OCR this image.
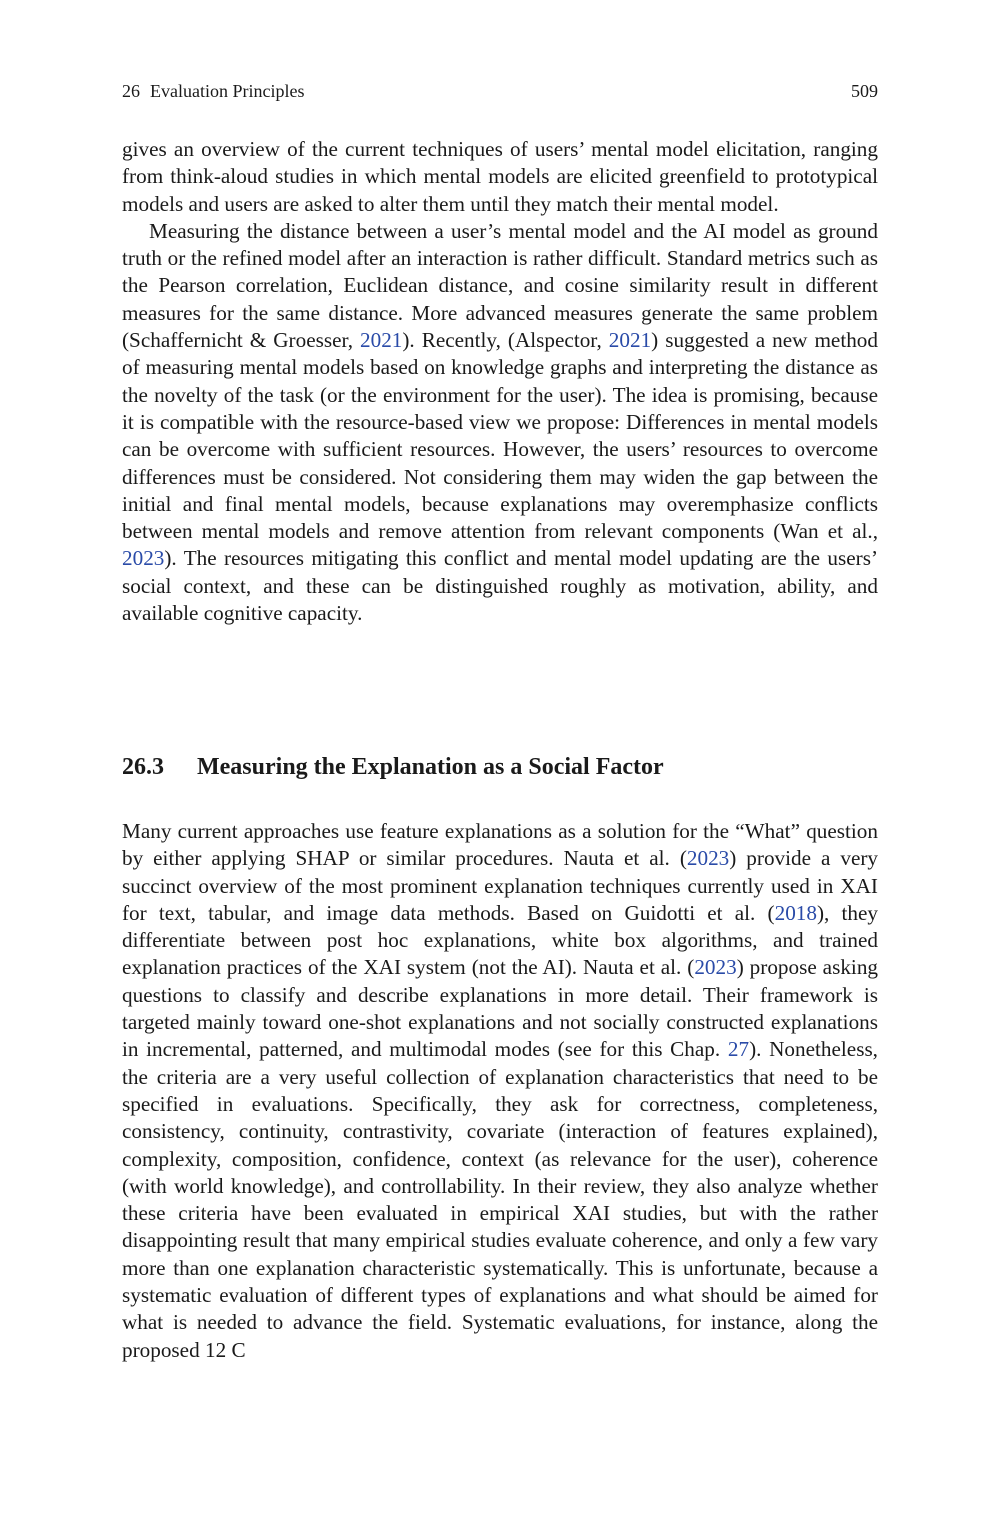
26 Evaluation Principles	509

gives an overview of the current techniques of users’ mental model elicitation, ranging from think-aloud studies in which mental models are elicited greenfield to prototypical models and users are asked to alter them until they match their mental model.

Measuring the distance between a user’s mental model and the AI model as ground truth or the refined model after an interaction is rather difficult. Standard metrics such as the Pearson correlation, Euclidean distance, and cosine similarity result in different measures for the same distance. More advanced measures generate the same problem (Schaffernicht & Groesser, 2021). Recently, (Alspector, 2021) suggested a new method of measuring mental models based on knowledge graphs and interpreting the distance as the novelty of the task (or the environment for the user). The idea is promising, because it is compatible with the resource-based view we propose: Differences in mental models can be overcome with sufficient resources. However, the users’ resources to overcome differences must be considered. Not considering them may widen the gap between the initial and final mental models, because explanations may overemphasize conflicts between mental models and remove attention from relevant components (Wan et al., 2023). The resources mitigating this conflict and mental model updating are the users’ social context, and these can be distinguished roughly as motivation, ability, and available cognitive capacity.

26.3 Measuring the Explanation as a Social Factor

Many current approaches use feature explanations as a solution for the “What” question by either applying SHAP or similar procedures. Nauta et al. (2023) provide a very succinct overview of the most prominent explanation techniques currently used in XAI for text, tabular, and image data methods. Based on Guidotti et al. (2018), they differentiate between post hoc explanations, white box algorithms, and trained explanation practices of the XAI system (not the AI). Nauta et al. (2023) propose asking questions to classify and describe explanations in more detail. Their framework is targeted mainly toward one-shot explanations and not socially constructed explanations in incremental, patterned, and multimodal modes (see for this Chap. 27). Nonetheless, the criteria are a very useful collection of explanation characteristics that need to be specified in evaluations. Specifically, they ask for correctness, completeness, consistency, continuity, contrastivity, covariate (interaction of features explained), complexity, composition, confidence, context (as relevance for the user), coherence (with world knowledge), and controllability. In their review, they also analyze whether these criteria have been evaluated in empirical XAI studies, but with the rather disappointing result that many empirical studies evaluate coherence, and only a few vary more than one explanation characteristic systematically. This is unfortunate, because a systematic evaluation of different types of explanations and what should be aimed for what is needed to advance the field. Systematic evaluations, for instance, along the proposed 12 C
